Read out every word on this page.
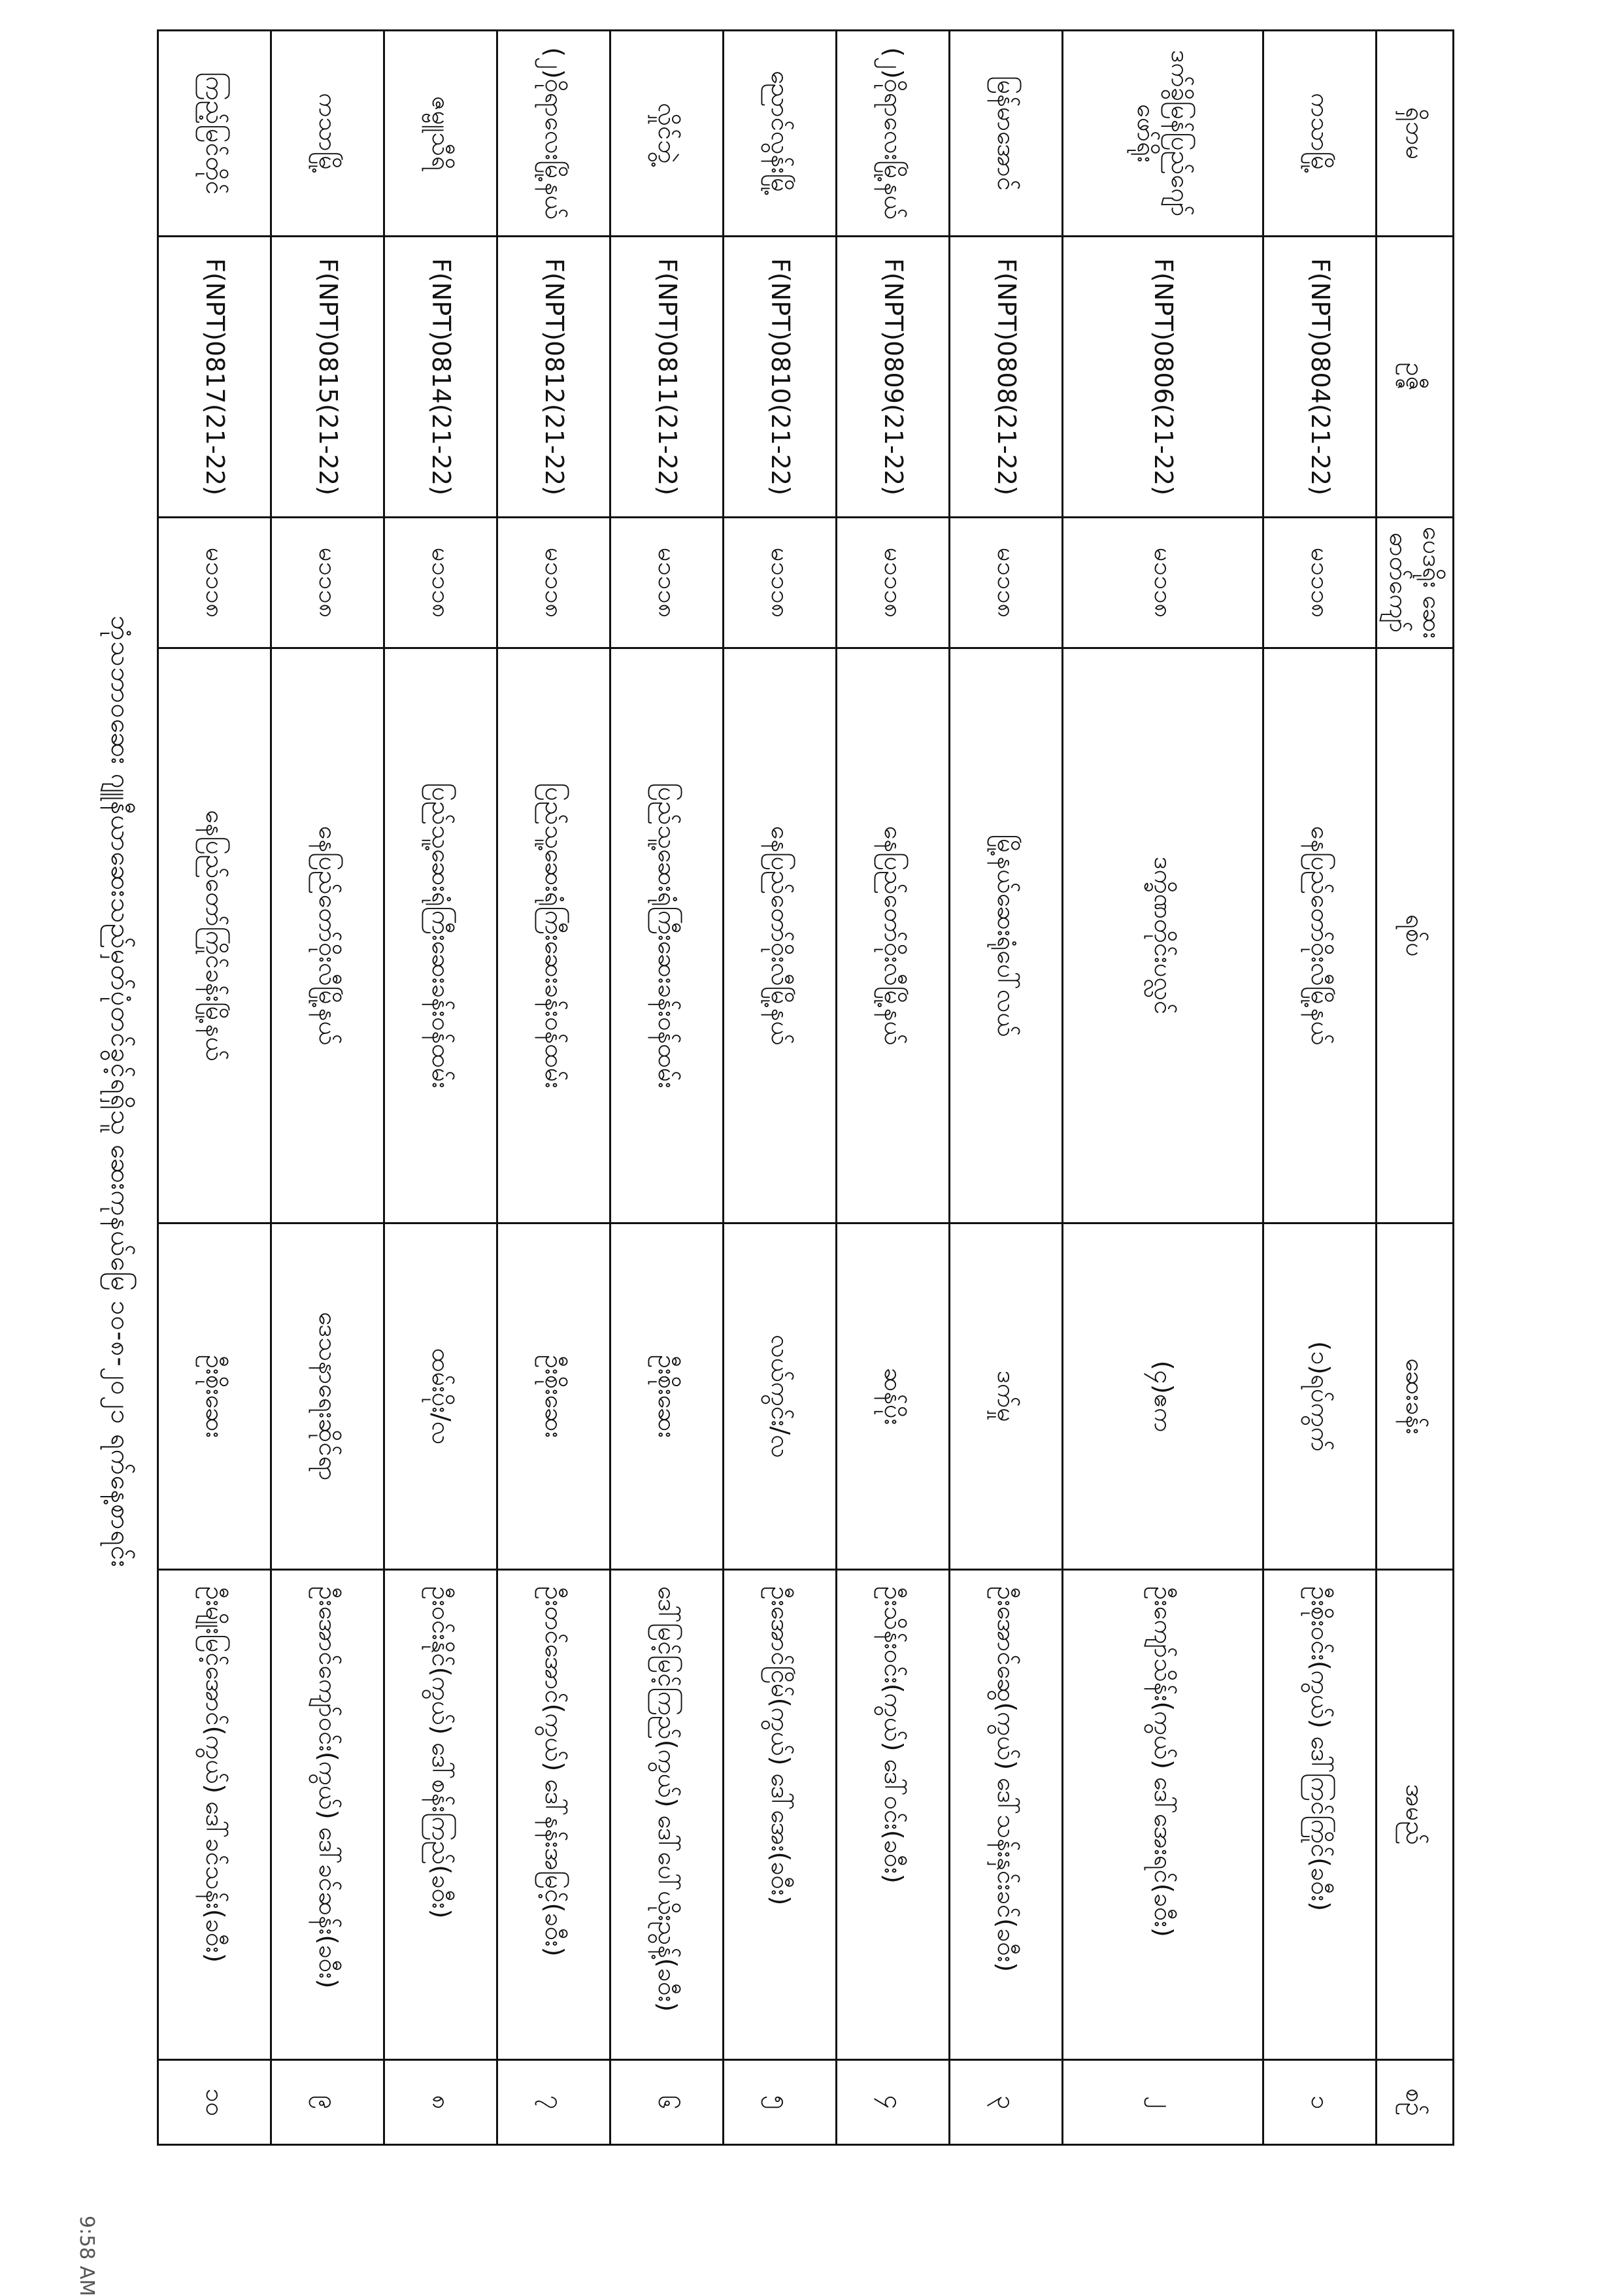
ဘုံသဘာဝဆေး ဂျူနီယာဆေးသည်မှတ်ပုံတင်ခွင့်ရရှိသူ ဆေးကုနယ်မြေ ၁၀-၈-၂၀၂၁ ရက်နေ့စာရင်း
ရှိဘမ	ဥဇ္ဇီ	ပေဒရိုး ဆေးဓာတ်ကျော်	ရစ်ပ	ဆေးခန်း	အမည်	စဉ်
ကသာမြို့	F(NPT)0804(21-22)	မ၁၁၁၈	နေပြည်တော်ဝိုးလီမြို့နယ်	(၁)ရပ်ကွက်	ဦးစိုးဝင်း(ကွယ်) ဒေါ်ကြင်ကြိုင်(ခ၀ီး)	၁
ဒက်ခွိမြန်ပြည်ဂျော်ဖော်ရိုး	F(NPT)0806(21-22)	မ၁၁၁၈	ဒက္ခိဏတိုင်းပလ္လင်	(၄)ဧက	ဦးကျော်သိန်း(ကွယ်) ဒေါ်အေးရင်(ခ၀ီး)	၂
မြန်မာအောင်	F(NPT)0808(21-22)	မ၁၁၁၈	မြို့နယ်ဆေးရုံပေါ်လယ်	ဒက်မှု	ဦးအောင်ဆွေ(ကွယ်) ဒေါ်သန်းနှင်းခင်(ခ၀ီး)	၃
(၂)ဝိုရာလေးမြို့နယ်	F(NPT)0809(21-22)	မ၁၁၁၈	နေပြည်တော်ဝိုးလီမြို့နယ်	ဆန်ပိုး	ဦးသိန်းဝင်း(ကွယ်) ဒေါ်ဝင်း(ခ၀ီး)	၄
ညောင်လွန်းမြို့	F(NPT)0810(21-22)	မ၁၁၁၈	နေပြည်တော်ဝိုးလီမြို့နယ်	လယ်ကွင်း/လ	ဦးအောင်ငြိမ်(ကွယ်) ဒေါ်အေး(ခ၀ီး)	၅
လှိုင်ဘွဲ့	F(NPT)0811(21-22)	မ၁၁၁၈	ပြည်သူ့ဆေးရုံကြီးဆေးခန်းဝန်ထမ်း	ဦးစိုးဆေး	ဒေါ်မြင့်မြင့်ကြည်(ကွယ်) ဒေါ်ပေါ်ယိုးညွန့်(ခ၀ီး)	၆
(၂)ဝိုရာလေးမြို့နယ်	F(NPT)0812(21-22)	မ၁၁၁၈	ပြည်သူ့ဆေးရုံကြီးဆေးခန်းဝန်ထမ်း	ဦးစိုးဆေး	ဦးတင်အောင်(ကွယ်) ဒေါ်နန်းအမြင့်(ခ၀ီး)	၇
ဇမ္ဗူသီရိ	F(NPT)0814(21-22)	မ၁၁၁၈	ပြည်သူ့ဆေးရုံကြီးဆေးခန်းဝန်ထမ်း	ထမ်းပိုး/လ	ဦးဝင်းနိုင်(ကွယ်) ဒေါ်စန်းကြည်(ခ၀ီး)	၈
ကသာမြို့	F(NPT)0815(21-22)	မ၁၁၁၈	နေပြည်တော်ဝိုးလီမြို့နယ်	ဒေသနာရေးဆိုင်ရာ	ဦးအောင်ကျော်ဝင်း(ကွယ်) ဒေါ်ခင်ဆန်း(ခ၀ီး)	၉
ကြည့်မြင်တိုင်	F(NPT)0817(21-22)	မ၁၁၁၈	နေပြည်တော်ကြိုင်ခန်းမြို့နယ်	ဦးစိုးဆေး	ဦးမျိုးမြင့်အောင်(ကွယ်) ဒေါ်ခင်သန်း(ခ၀ီး)	၁၀
9:58 AM
